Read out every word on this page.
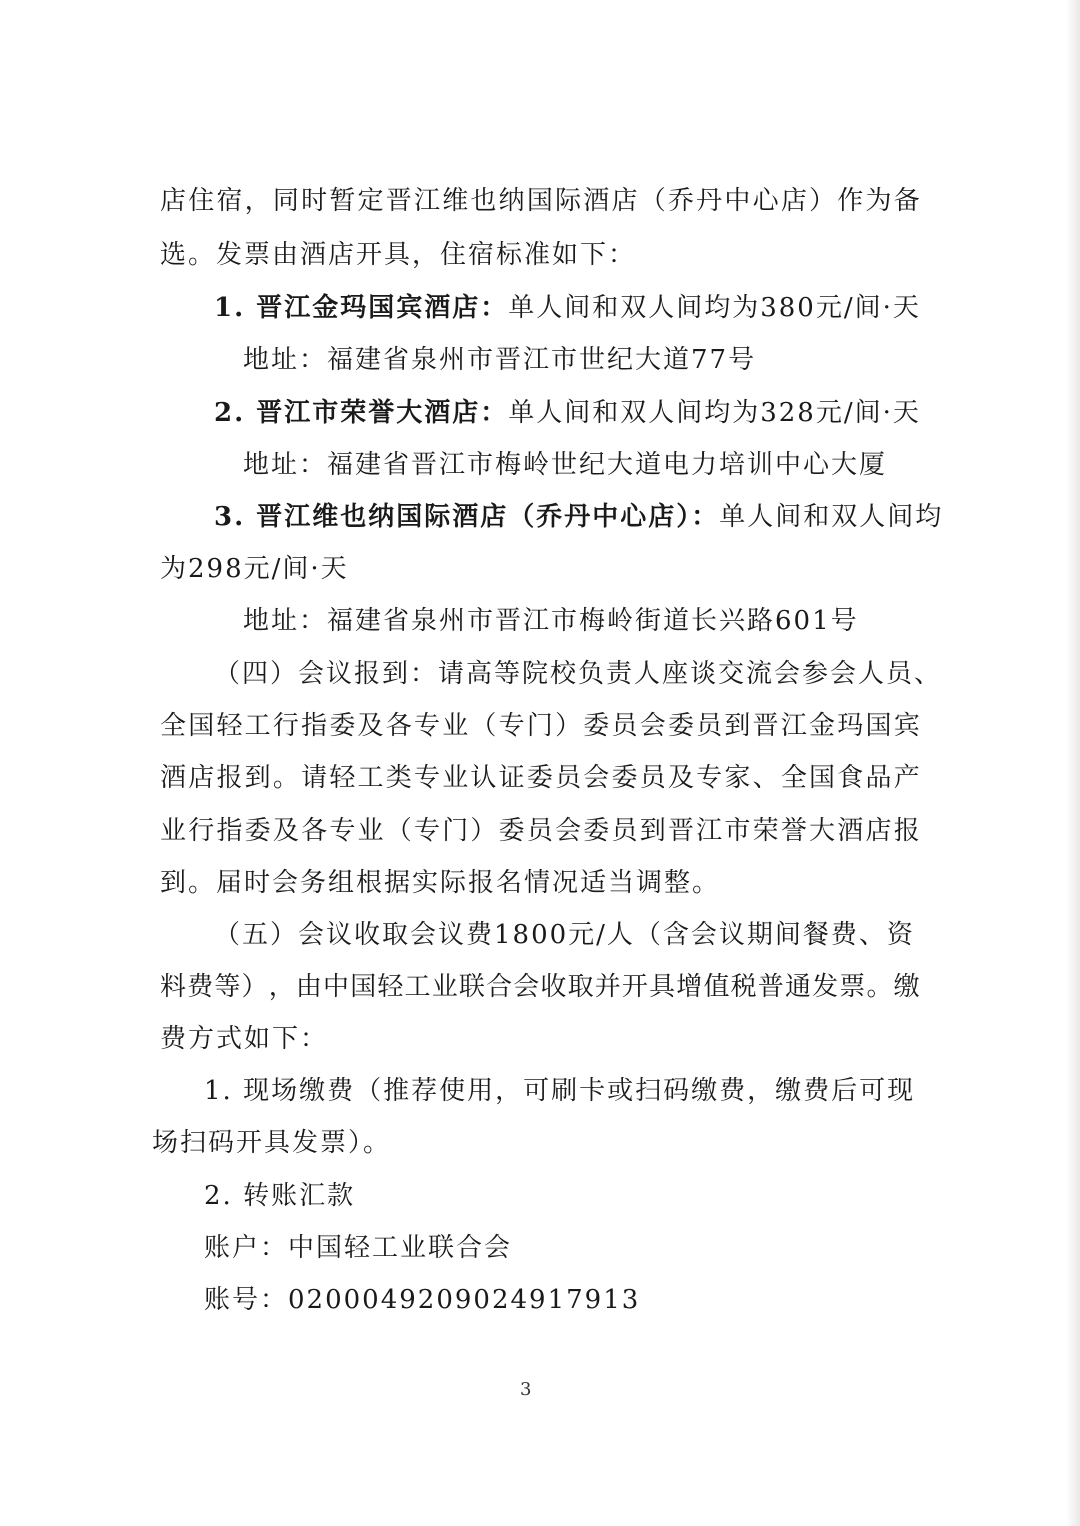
店 住 宿 ， 同 时 暂 定 晋 江 维 也 纳 国 际 酒 店 （ 乔 丹 中 心 店 ） 作 为 备
选。发票由酒店开具，住宿标准如下：
1. 晋江金玛国宾酒店：单人间和双人间均为380元/间·天
地址：福建省泉州市晋江市世纪大道77号
2. 晋江市荣誉大酒店：单人间和双人间均为328元/间·天
地址：福建省晋江市梅岭世纪大道电力培训中心大厦
3. 晋江维也纳国际酒店（乔丹中心店）：单人间和双人间均
为298元/间·天
地址：福建省泉州市晋江市梅岭街道长兴路601号
（四）会议报到：请高等院校负责人座谈交流会参会人员、
全 国 轻 工 行 指 委 及 各 专 业 （ 专 门 ） 委 员 会 委 员 到 晋 江 金 玛 国 宾
酒 店 报 到 。 请 轻 工 类 专 业 认 证 委 员 会 委 员 及 专 家 、 全 国 食 品 产
业 行 指 委 及 各 专 业 （ 专 门 ） 委 员 会 委 员 到 晋 江 市 荣 誉 大 酒 店 报
到。届时会务组根据实际报名情况适当调整。
（五）会议收取会议费1800元/人（含会议期间餐费、资
料 费 等 ） ， 由 中 国 轻 工 业 联 合 会 收 取 并 开 具 增 值 税 普 通 发 票 。 缴
费方式如下：
1. 现场缴费（推荐使用，可刷卡或扫码缴费，缴费后可现
场扫码开具发票）。
2. 转账汇款
账户：中国轻工业联合会
账号：0200049209024917913
3
